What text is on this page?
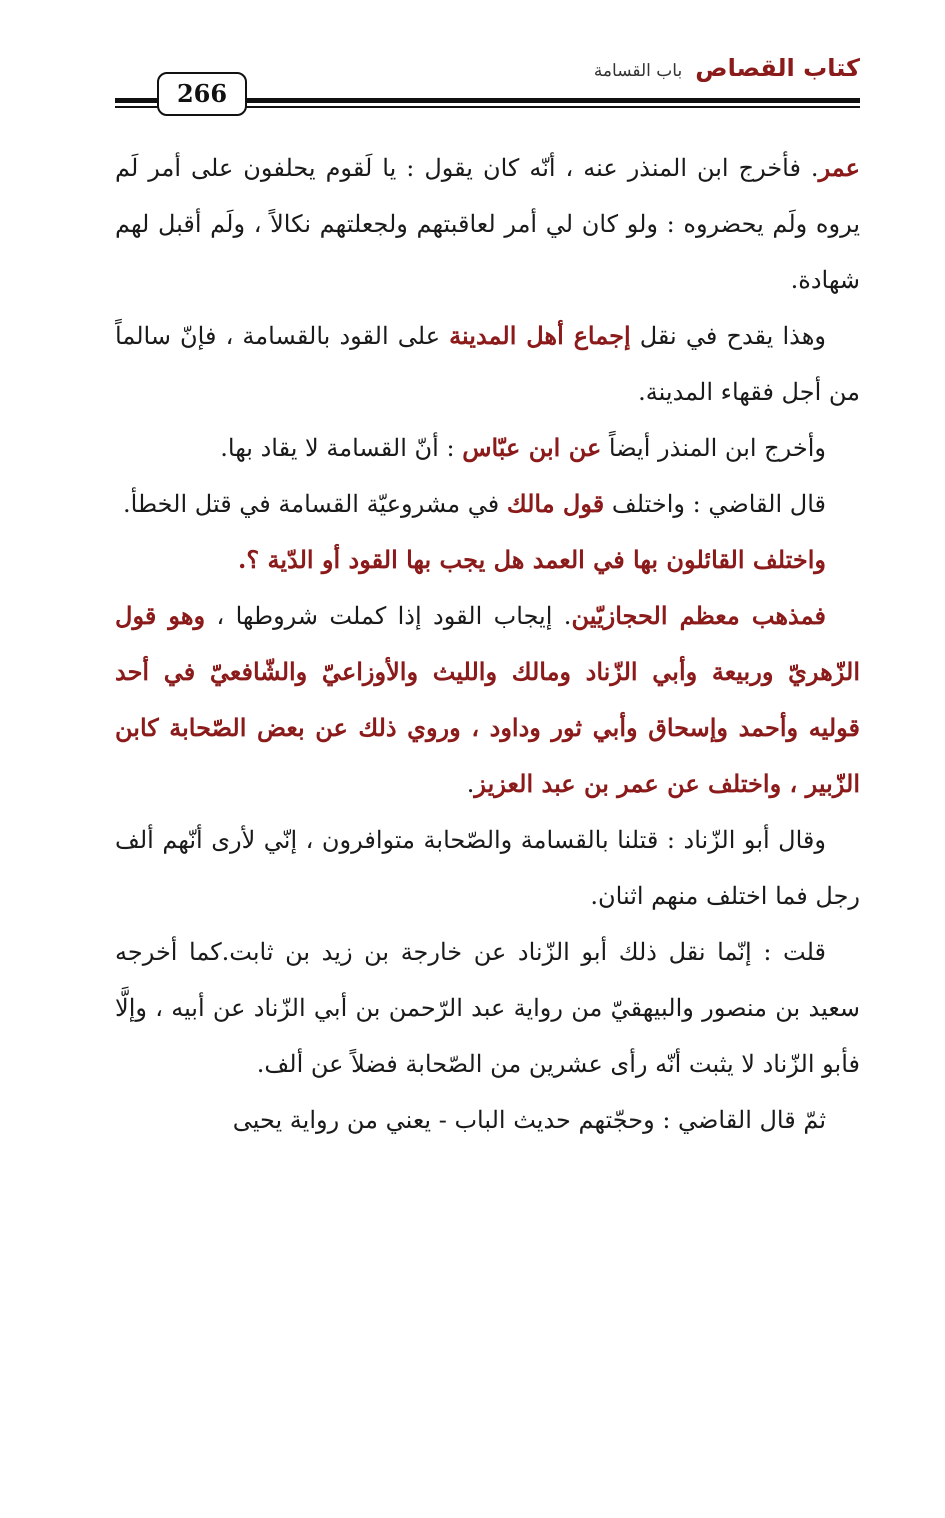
كتاب القصاص باب القسامة
266

عمر. فأخرج ابن المنذر عنه ، أنّه كان يقول : يا لَقوم يحلفون على أمر لَم يروه ولَم يحضروه : ولو كان لي أمر لعاقبتهم ولجعلتهم نكالاً ، ولَم أقبل لهم شهادة.

وهذا يقدح في نقل إجماع أهل المدينة على القود بالقسامة ، فإنّ سالماً من أجل فقهاء المدينة.

وأخرج ابن المنذر أيضاً عن ابن عبّاس : أنّ القسامة لا يقاد بها.

قال القاضي : واختلف قول مالك في مشروعيّة القسامة في قتل الخطأ.

واختلف القائلون بها في العمد هل يجب بها القود أو الدّية ؟.

فمذهب معظم الحجازيّين. إيجاب القود إذا كملت شروطها ، وهو قول الزّهريّ وربيعة وأبي الزّناد ومالك والليث والأوزاعيّ والشّافعيّ في أحد قوليه وأحمد وإسحاق وأبي ثور وداود ، وروي ذلك عن بعض الصّحابة كابن الزّبير ، واختلف عن عمر بن عبد العزيز.

وقال أبو الزّناد : قتلنا بالقسامة والصّحابة متوافرون ، إنّي لأرى أنّهم ألف رجل فما اختلف منهم اثنان.

قلت : إنّما نقل ذلك أبو الزّناد عن خارجة بن زيد بن ثابت.كما أخرجه سعيد بن منصور والبيهقيّ من رواية عبد الرّحمن بن أبي الزّناد عن أبيه ، وإلَّا فأبو الزّناد لا يثبت أنّه رأى عشرين من الصّحابة فضلاً عن ألف.

ثمّ قال القاضي : وحجّتهم حديث الباب - يعني من رواية يحيى
